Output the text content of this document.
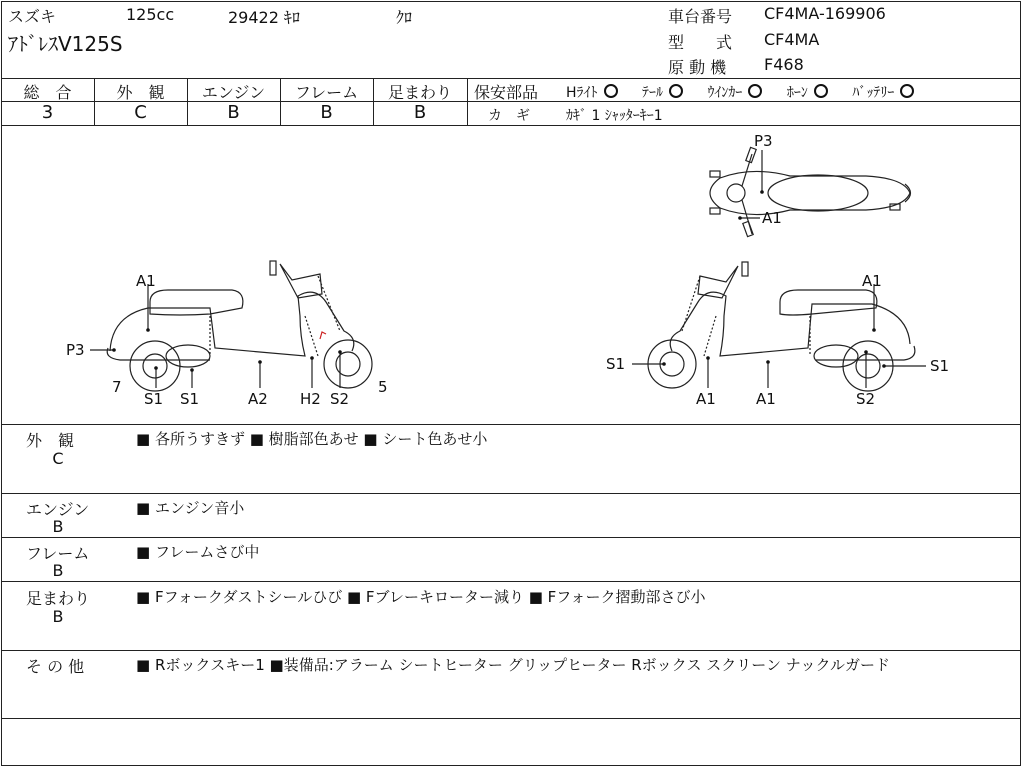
スズキ	125cc	29422 ｷﾛ	ｸﾛ
ｱﾄﾞﾚｽV125S
車台番号 CF4MA-169906
型　　式 CF4MA
原 動 機 F468
総　合
3
外　観
C
エンジン
B
フレーム
B
足まわり
B
保安部品 Hﾗｲﾄ	ﾃｰﾙ	ｳｲﾝｶｰ	ﾎｰﾝ	ﾊﾞｯﾃﾘｰ
カ　ギ	ｶｷﾞ 1 ｼｬｯﾀｰｷｰ1
P3
A1
A1
P3
7
S1 S1	A2 H2 S2
5
A1
S1	S1
A1	A1	S2
外　観
C
■ 各所うすきず ■ 樹脂部色あせ ■ シート色あせ小
エンジン
B
■ エンジン音小
フレーム
B
■ フレームさび中
足まわり
B
■ Fフォークダストシールひび ■ Fブレーキローター減り ■ Fフォーク摺動部さび小
そ の 他	■ Rボックスキー1 ■装備品:アラーム シートヒーター グリップヒーター Rボックス スクリーン ナックルガード
